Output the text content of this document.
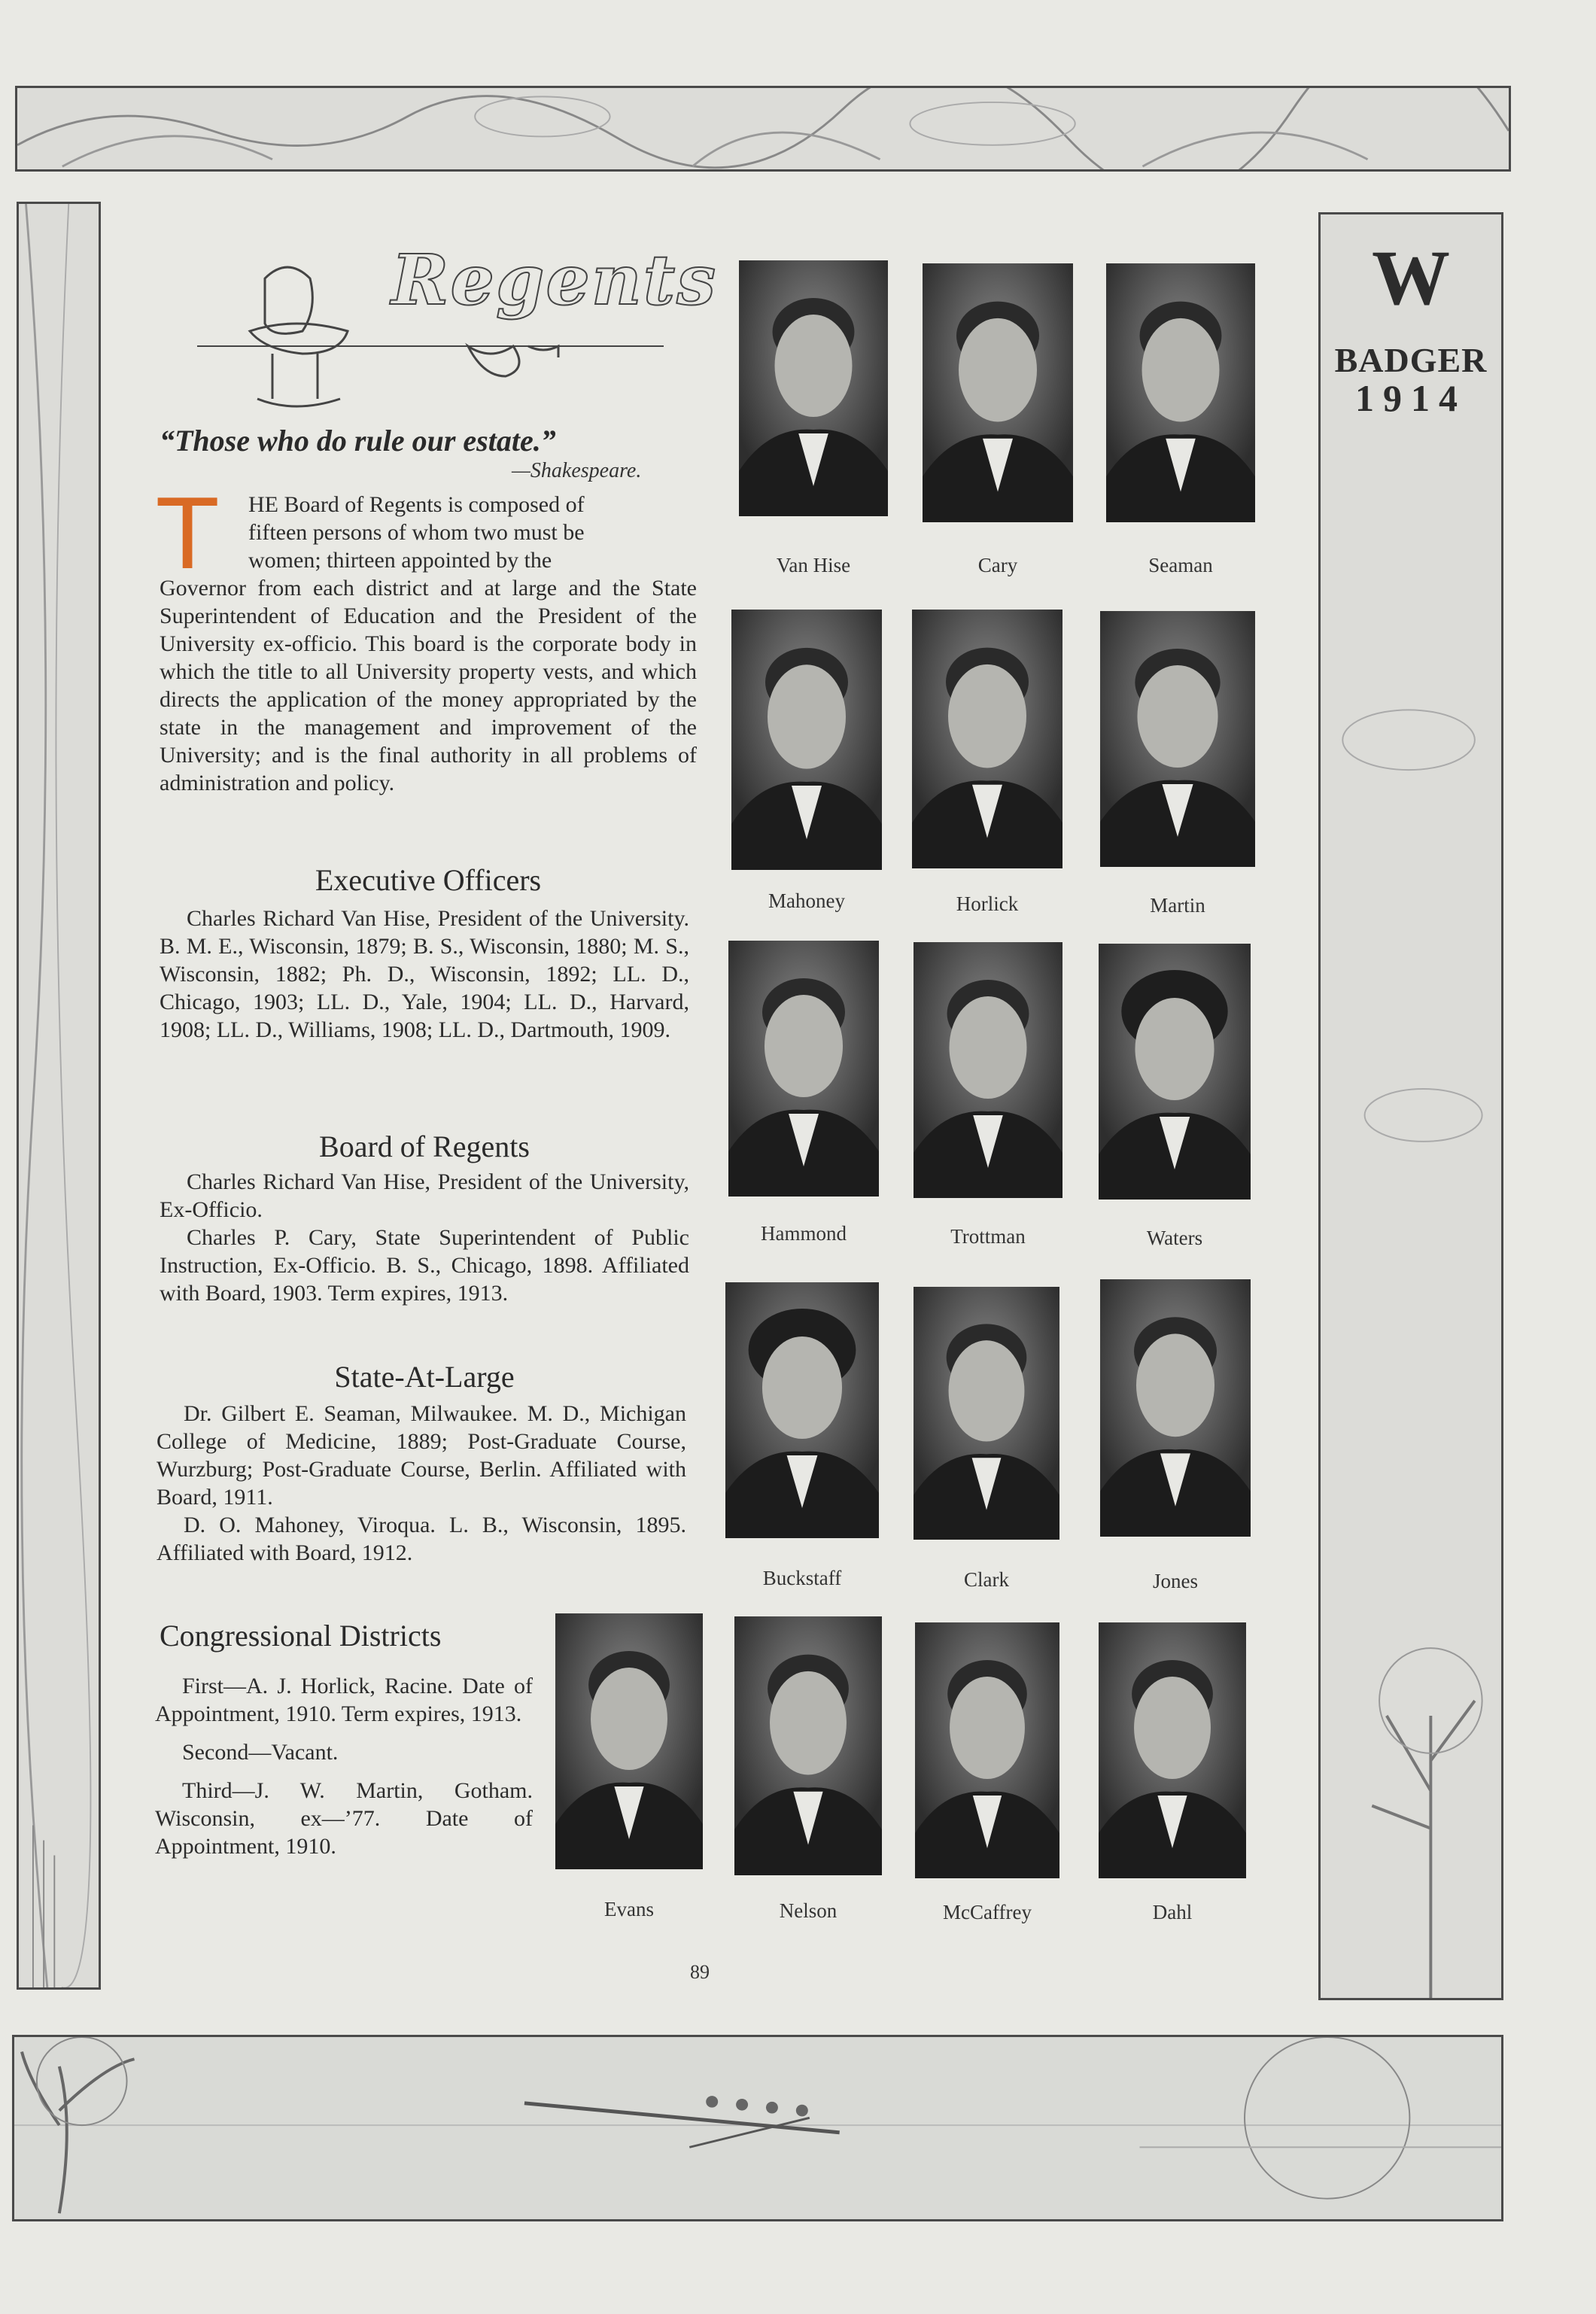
W
BADGER
1914
Regents
“Those who do rule our estate.”
—Shakespeare.
T HE Board of Regents is composed of
fifteen persons of whom two must be
women; thirteen appointed by the
Governor from each district and at large and the State Superintendent of Education and the President of the University ex-officio. This board is the corporate body in which the title to all University property vests, and which directs the application of the money appropriated by the state in the management and improvement of the University; and is the final authority in all problems of administration and policy.
Executive Officers

Charles Richard Van Hise, President of the University. B. M. E., Wisconsin, 1879; B. S., Wisconsin, 1880; M. S., Wisconsin, 1882; Ph. D., Wisconsin, 1892; LL. D., Chicago, 1903; LL. D., Yale, 1904; LL. D., Harvard, 1908; LL. D., Williams, 1908; LL. D., Dartmouth, 1909.

Board of Regents

Charles Richard Van Hise, President of the University, Ex-Officio.

Charles P. Cary, State Superintendent of Public Instruction, Ex-Officio. B. S., Chicago, 1898. Affiliated with Board, 1903. Term expires, 1913.

State-At-Large

Dr. Gilbert E. Seaman, Milwaukee. M. D., Michigan College of Medicine, 1889; Post-Graduate Course, Wurzburg; Post-Graduate Course, Berlin. Affiliated with Board, 1911.

D. O. Mahoney, Viroqua. L. B., Wisconsin, 1895. Affiliated with Board, 1912.

Congressional Districts

First—A. J. Horlick, Racine. Date of Appointment, 1910. Term expires, 1913.

Second—Vacant.

Third—J. W. Martin, Gotham. Wisconsin, ex—’77. Date of Appointment, 1910.

Van Hise	Cary	Seaman
Mahoney	Horlick	Martin
Hammond	Trottman	Waters
Buckstaff	Clark	Jones
Evans	Nelson	McCaffrey	Dahl
89
